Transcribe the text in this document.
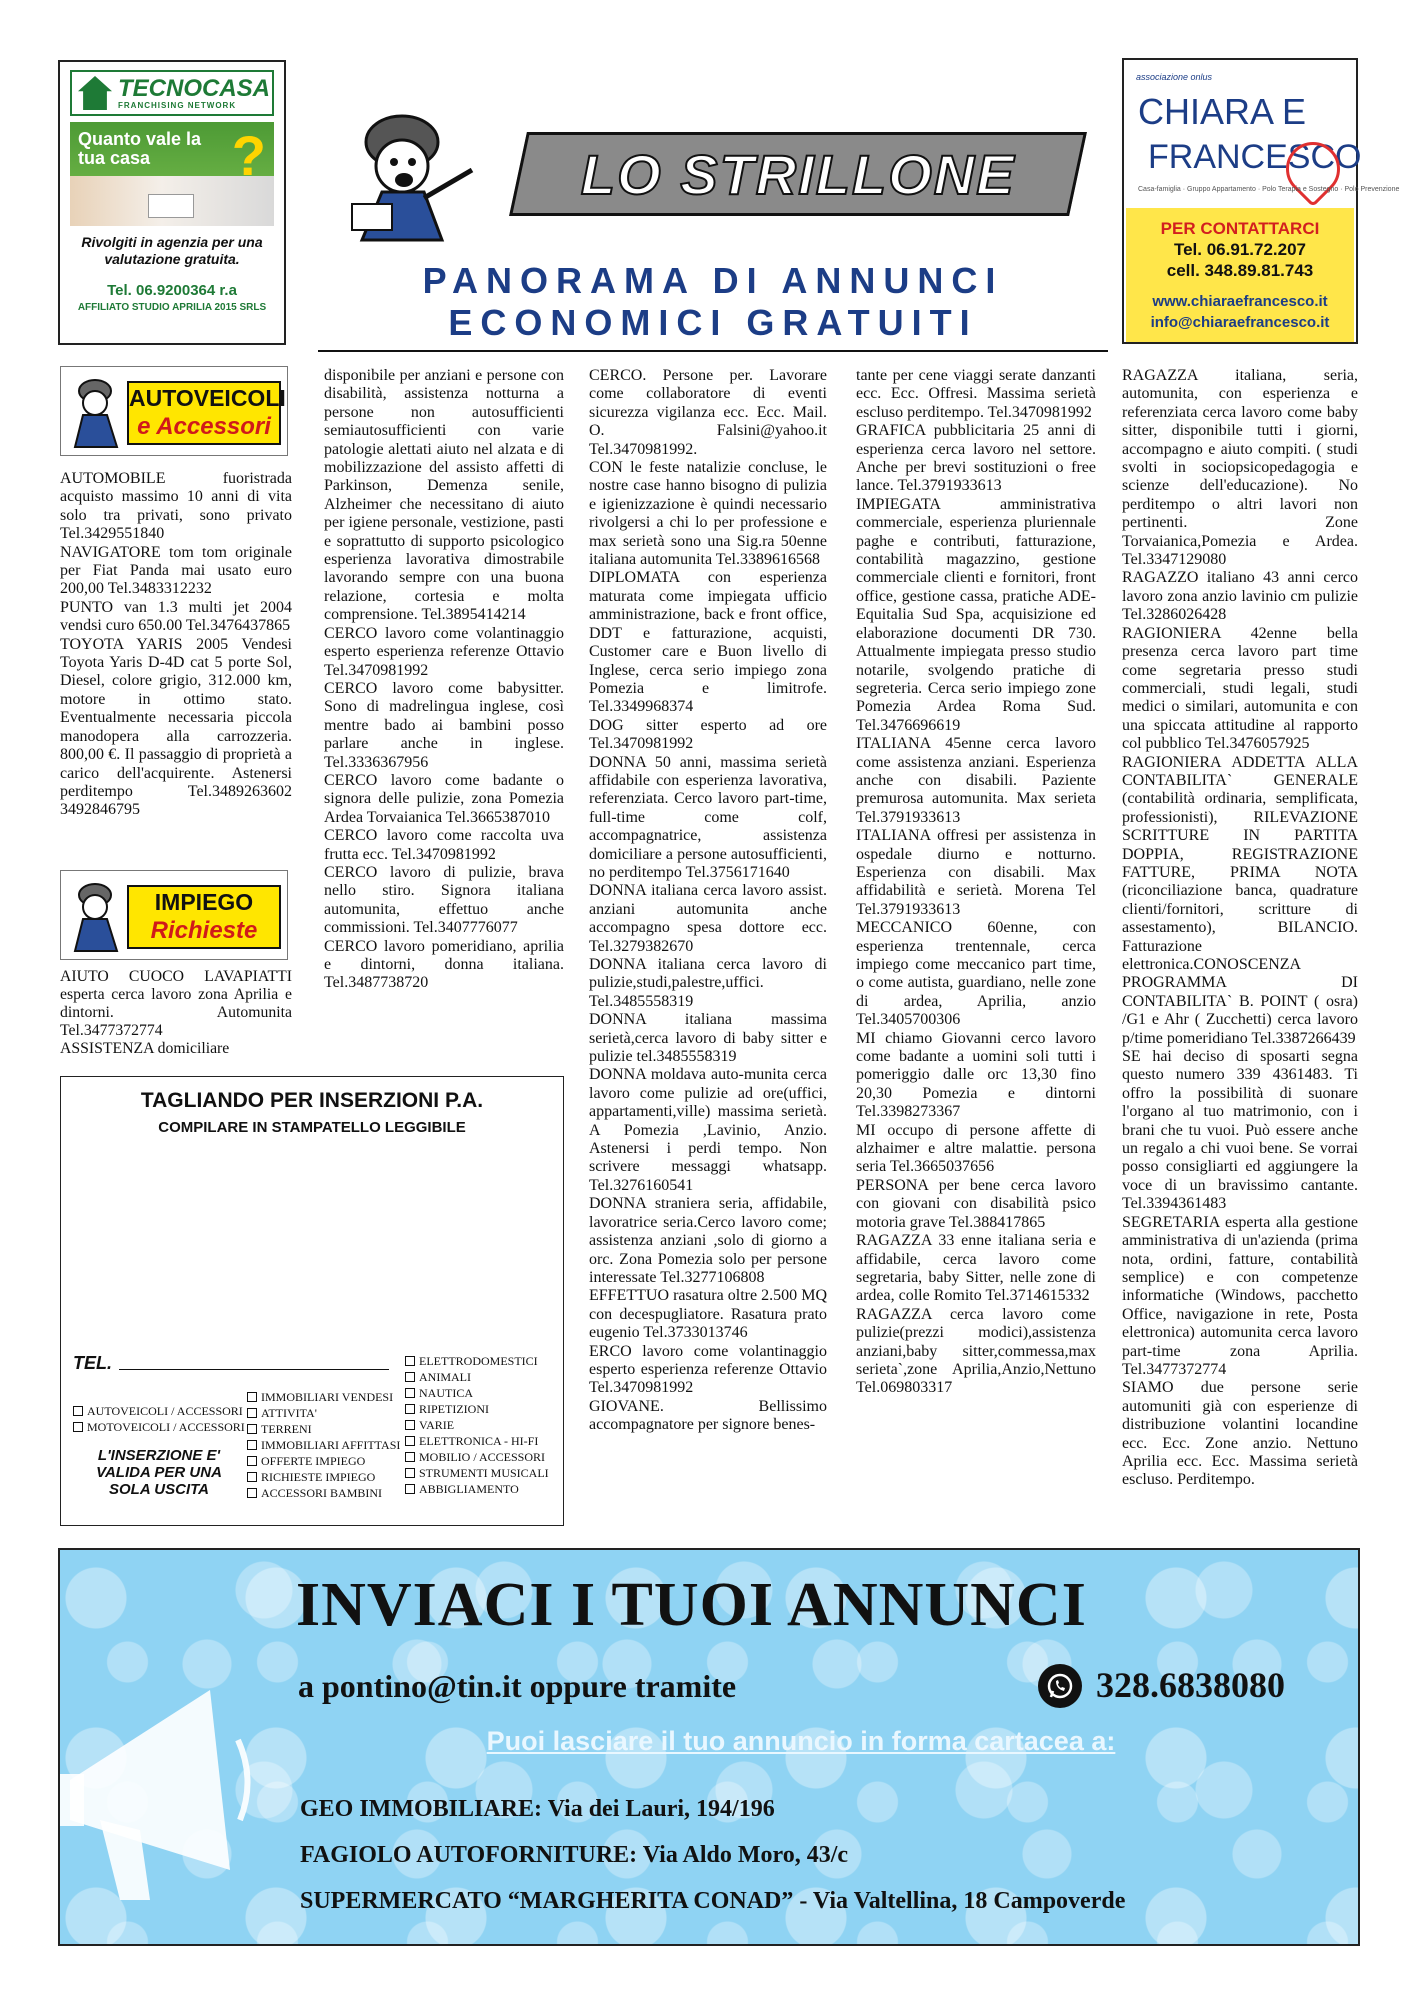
TECNOCASA
FRANCHISING NETWORK
Quanto vale la tua casa	?
Rivolgiti in agenzia per una valutazione gratuita.
Tel. 06.9200364 r.a
AFFILIATO STUDIO APRILIA 2015 SRLS
LO STRILLONE
PANORAMA DI ANNUNCI
ECONOMICI GRATUITI
associazione onlus
CHIARA E
FRANCESCO
Casa-famiglia · Gruppo Appartamento · Polo Terapia e Sostegno · Polo Prevenzione
PER CONTATTARCI
Tel. 06.91.72.207
cell. 348.89.81.743
www.chiaraefrancesco.it
info@chiaraefrancesco.it
AUTOVEICOLI
e Accessori
IMPIEGO
Richieste

AUTOMOBILE fuoristrada acquisto massimo 10 anni di vita solo tra privati, sono privato Tel.3429551840

NAVIGATORE tom tom originale per Fiat Panda mai usato euro 200,00 Tel.3483312232

PUNTO van 1.3 multi jet 2004 vendsi curo 650.00 Tel.3476437865

TOYOTA YARIS 2005 Vendesi Toyota Yaris D-4D cat 5 porte Sol, Diesel, colore grigio, 312.000 km, motore in ottimo stato. Eventualmente necessaria piccola manodopera alla carrozzeria. 800,00 €. Il passaggio di proprietà a carico dell'acquirente. Astenersi perditempo Tel.3489263602 3492846795

AIUTO CUOCO LAVAPIATTI esperta cerca lavoro zona Aprilia e dintorni. Automunita Tel.3477372774

ASSISTENZA domiciliare

disponibile per anziani e persone con disabilità, assistenza notturna a persone non autosufficienti semiautosufficienti con varie patologie alettati aiuto nel alzata e di mobilizzazione del assisto affetti di Parkinson, Demenza senile, Alzheimer che necessitano di aiuto per igiene personale, vestizione, pasti e soprattutto di supporto psicologico esperienza lavorativa dimostrabile lavorando sempre con una buona relazione, cortesia e molta comprensione. Tel.3895414214

CERCO lavoro come volantinaggio esperto esperienza referenze Ottavio Tel.3470981992

CERCO lavoro come babysitter. Sono di madrelingua inglese, così mentre bado ai bambini posso parlare anche in inglese. Tel.3336367956

CERCO lavoro come badante o signora delle pulizie, zona Pomezia Ardea Torvaianica Tel.3665387010

CERCO lavoro come raccolta uva frutta ecc. Tel.3470981992

CERCO lavoro di pulizie, brava nello stiro. Signora italiana automunita, effettuo anche commissioni. Tel.3407776077

CERCO lavoro pomeridiano, aprilia e dintorni, donna italiana. Tel.3487738720

CERCO. Persone per. Lavorare come collaboratore di eventi sicurezza vigilanza ecc. Ecc. Mail. O. Falsini@yahoo.it Tel.3470981992.

CON le feste natalizie concluse, le nostre case hanno bisogno di pulizia e igienizzazione è quindi necessario rivolgersi a chi lo per professione e max serietà sono una Sig.ra 50enne italiana automunita Tel.3389616568

DIPLOMATA con esperienza maturata come impiegata ufficio amministrazione, back e front office, DDT e fatturazione, acquisti, Customer care e Buon livello di Inglese, cerca serio impiego zona Pomezia e limitrofe. Tel.3349968374

DOG sitter esperto ad ore Tel.3470981992

DONNA 50 anni, massima serietà affidabile con esperienza lavorativa, referenziata. Cerco lavoro part-time, full-time come colf, accompagnatrice, assistenza domiciliare a persone autosufficienti, no perditempo Tel.3756171640

DONNA italiana cerca lavoro assist. anziani automunita anche accompagno spesa dottore ecc. Tel.3279382670

DONNA italiana cerca lavoro di pulizie,studi,palestre,uffici. Tel.3485558319

DONNA italiana massima serietà,cerca lavoro di baby sitter e pulizie tel.3485558319

DONNA moldava auto-munita cerca lavoro come pulizie ad ore(uffici, appartamenti,ville) massima serietà. A Pomezia ,Lavinio, Anzio. Astenersi i perdi tempo. Non scrivere messaggi whatsapp. Tel.3276160541

DONNA straniera seria, affidabile, lavoratrice seria.Cerco lavoro come; assistenza anziani ,solo di giorno a orc. Zona Pomezia solo per persone interessate Tel.3277106808

EFFETTUO rasatura oltre 2.500 MQ con decespugliatore. Rasatura prato eugenio Tel.3733013746

ERCO lavoro come volantinaggio esperto esperienza referenze Ottavio Tel.3470981992

GIOVANE. Bellissimo accompagnatore per signore benes-

tante per cene viaggi serate danzanti ecc. Ecc. Offresi. Massima serietà escluso perditempo. Tel.3470981992

GRAFICA pubblicitaria 25 anni di esperienza cerca lavoro nel settore. Anche per brevi sostituzioni o free lance. Tel.3791933613

IMPIEGATA amministrativa commerciale, esperienza pluriennale paghe e contributi, fatturazione, contabilità magazzino, gestione commerciale clienti e fornitori, front office, gestione cassa, pratiche ADE- Equitalia Sud Spa, acquisizione ed elaborazione documenti DR 730. Attualmente impiegata presso studio notarile, svolgendo pratiche di segreteria. Cerca serio impiego zone Pomezia Ardea Roma Sud. Tel.3476696619

ITALIANA 45enne cerca lavoro come assistenza anziani. Esperienza anche con disabili. Paziente premurosa automunita. Max serieta Tel.3791933613

ITALIANA offresi per assistenza in ospedale diurno e notturno. Esperienza con disabili. Max affidabilità e serietà. Morena Tel Tel.3791933613

MECCANICO 60enne, con esperienza trentennale, cerca impiego come meccanico part time, o come autista, guardiano, nelle zone di ardea, Aprilia, anzio Tel.3405700306

MI chiamo Giovanni cerco lavoro come badante a uomini soli tutti i pomeriggio dalle orc 13,30 fino 20,30 Pomezia e dintorni Tel.3398273367

MI occupo di persone affette di alzhaimer e altre malattie. persona seria Tel.3665037656

PERSONA per bene cerca lavoro con giovani con disabilità psico motoria grave Tel.388417865

RAGAZZA 33 enne italiana seria e affidabile, cerca lavoro come segretaria, baby Sitter, nelle zone di ardea, colle Romito Tel.3714615332

RAGAZZA cerca lavoro come pulizie(prezzi modici),assistenza anziani,baby sitter,commessa,max serieta`,zone Aprilia,Anzio,Nettuno Tel.069803317

RAGAZZA italiana, seria, automunita, con esperienza e referenziata cerca lavoro come baby sitter, disponibile tutti i giorni, accompagno e aiuto compiti. ( studi svolti in sociopsicopedagogia e scienze dell'educazione). No perditempo o altri lavori non pertinenti. Zone Torvaianica,Pomezia e Ardea. Tel.3347129080

RAGAZZO italiano 43 anni cerco lavoro zona anzio lavinio cm pulizie Tel.3286026428

RAGIONIERA 42enne bella presenza cerca lavoro part time come segretaria presso studi commerciali, studi legali, studi medici o similari, automunita e con una spiccata attitudine al rapporto col pubblico Tel.3476057925

RAGIONIERA ADDETTA ALLA CONTABILITA` GENERALE (contabilità ordinaria, semplificata, professionisti), RILEVAZIONE SCRITTURE IN PARTITA DOPPIA, REGISTRAZIONE FATTURE, PRIMA NOTA (riconciliazione banca, quadrature clienti/fornitori, scritture di assestamento), BILANCIO. Fatturazione elettronica.CONOSCENZA PROGRAMMA DI CONTABILITA` B. POINT ( osra) /G1 e Ahr ( Zucchetti) cerca lavoro p/time pomeridiano Tel.3387266439

SE hai deciso di sposarti segna questo numero 339 4361483. Ti offro la possibilità di suonare l'organo al tuo matrimonio, con i brani che tu vuoi. Può essere anche un regalo a chi vuoi bene. Se vorrai posso consigliarti ed aggiungere la voce di un bravissimo cantante. Tel.3394361483

SEGRETARIA esperta alla gestione amministrativa di un'azienda (prima nota, ordini, fatture, contabilità semplice) e con competenze informatiche (Windows, pacchetto Office, navigazione in rete, Posta elettronica) automunita cerca lavoro part-time zona Aprilia. Tel.3477372774

SIAMO due persone serie automuniti già con esperienze di distribuzione volantini locandine ecc. Ecc. Zone anzio. Nettuno Aprilia ecc. Ecc. Massima serietà escluso. Perditempo.

TAGLIANDO PER INSERZIONI P.A.
COMPILARE IN STAMPATELLO LEGGIBILE
TEL.
AUTOVEICOLI / ACCESSORI
MOTOVEICOLI / ACCESSORI
IMMOBILIARI VENDESI
ATTIVITA'
TERRENI
IMMOBILIARI AFFITTASI
OFFERTE IMPIEGO
RICHIESTE IMPIEGO
ACCESSORI BAMBINI
ELETTRODOMESTICI
ANIMALI
NAUTICA
RIPETIZIONI
VARIE
ELETTRONICA - HI-FI
MOBILIO / ACCESSORI
STRUMENTI MUSICALI
ABBIGLIAMENTO
L'INSERZIONE E' VALIDA PER UNA SOLA USCITA
INVIACI I TUOI ANNUNCI
a pontino@tin.it oppure tramite	328.6838080
Puoi lasciare il tuo annuncio in forma cartacea a:
GEO IMMOBILIARE: Via dei Lauri, 194/196
FAGIOLO AUTOFORNITURE: Via Aldo Moro, 43/c
SUPERMERCATO “MARGHERITA CONAD” - Via Valtellina, 18 Campoverde
